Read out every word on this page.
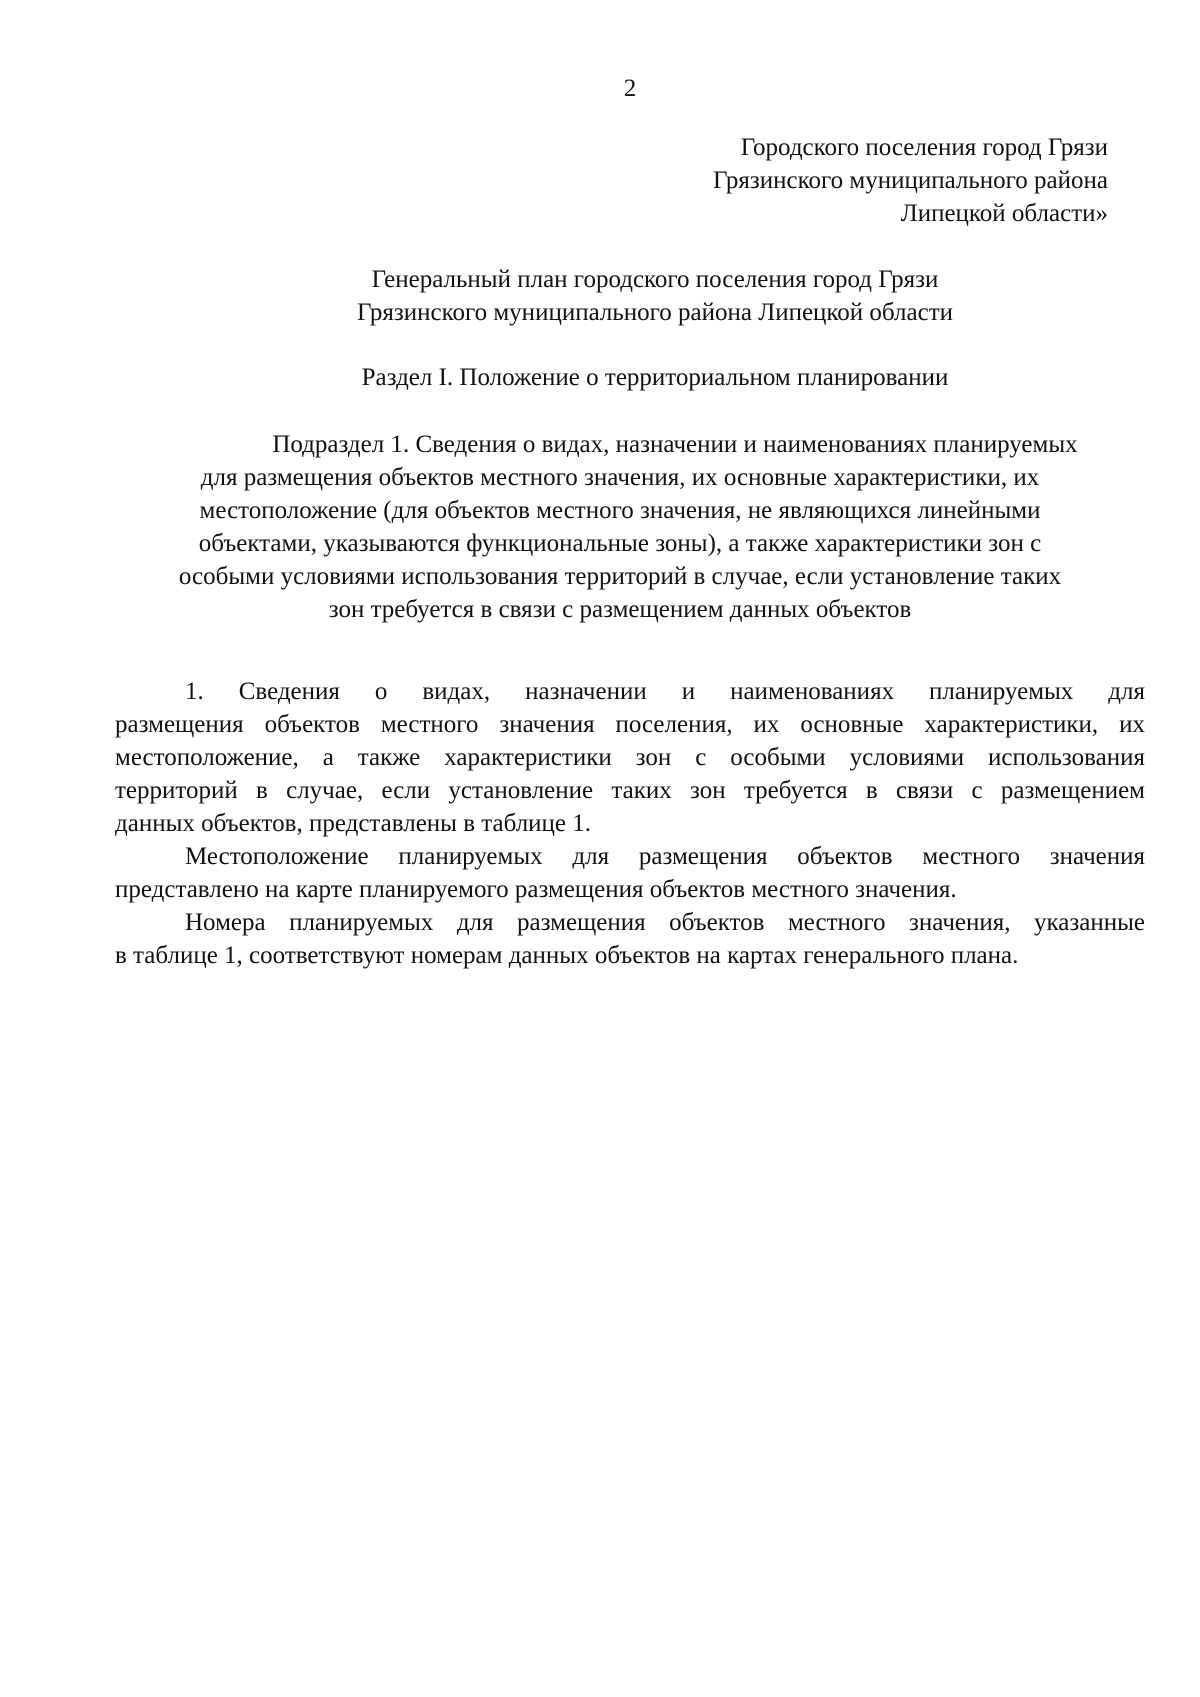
2
Городского поселения город Грязи
Грязинского муниципального района
Липецкой области»
Генеральный план городского поселения город Грязи
Грязинского муниципального района Липецкой области
Раздел I. Положение о территориальном планировании
Подраздел 1. Сведения о видах, назначении и наименованиях планируемых
для размещения объектов местного значения, их основные характеристики, их
местоположение (для объектов местного значения, не являющихся линейными
объектами, указываются функциональные зоны), а также характеристики зон с
особыми условиями использования территорий в случае, если установление таких
зон требуется в связи с размещением данных объектов
1. Сведения о видах, назначении и наименованиях планируемых для
размещения объектов местного значения поселения, их основные характеристики, их
местоположение, а также характеристики зон с особыми условиями использования
территорий в случае, если установление таких зон требуется в связи с размещением
данных объектов, представлены в таблице 1.
Местоположение планируемых для размещения объектов местного значения
представлено на карте планируемого размещения объектов местного значения.
Номера планируемых для размещения объектов местного значения, указанные
в таблице 1, соответствуют номерам данных объектов на картах генерального плана.
